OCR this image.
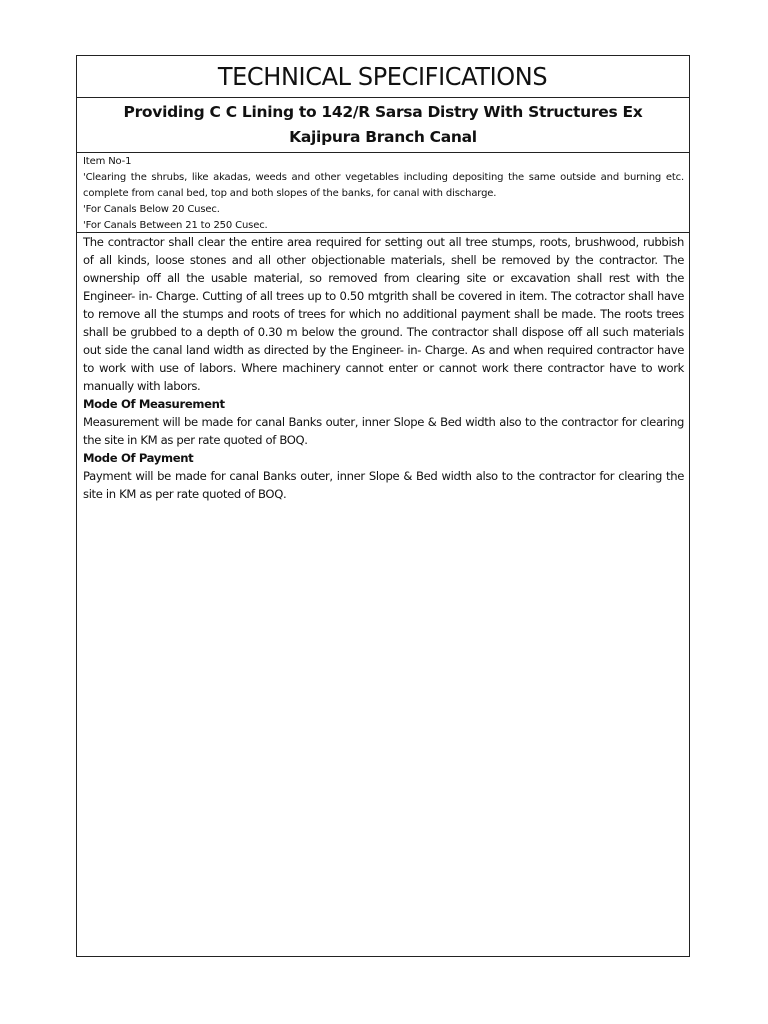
TECHNICAL SPECIFICATIONS
Providing C C Lining to 142/R Sarsa Distry With Structures Ex Kajipura Branch Canal
Item No-1
'Clearing the shrubs, like akadas, weeds and other vegetables including depositing the same outside and burning etc. complete from canal bed, top and both slopes of the banks, for canal with discharge.
'For Canals Below 20 Cusec.
'For Canals Between 21 to 250 Cusec.

The contractor shall clear the entire area required for setting out all tree stumps, roots, brushwood, rubbish of all kinds, loose stones and all other objectionable materials, shell be removed by the contractor. The ownership off all the usable material, so removed from clearing site or excavation shall rest with the Engineer- in- Charge. Cutting of all trees up to 0.50 mtgrith shall be covered in item. The cotractor shall have to remove all the stumps and roots of trees for which no additional payment shall be made. The roots trees shall be grubbed to a depth of 0.30 m below the ground. The contractor shall dispose off all such materials out side the canal land width as directed by the Engineer- in- Charge. As and when required contractor have to work with use of labors. Where machinery cannot enter or cannot work there contractor have to work manually with labors.

Mode Of Measurement

Measurement will be made for canal Banks outer, inner Slope & Bed width also to the contractor for clearing the site in KM as per rate quoted of BOQ.

Mode Of Payment

Payment will be made for canal Banks outer, inner Slope & Bed width also to the contractor for clearing the site in KM as per rate quoted of BOQ.
